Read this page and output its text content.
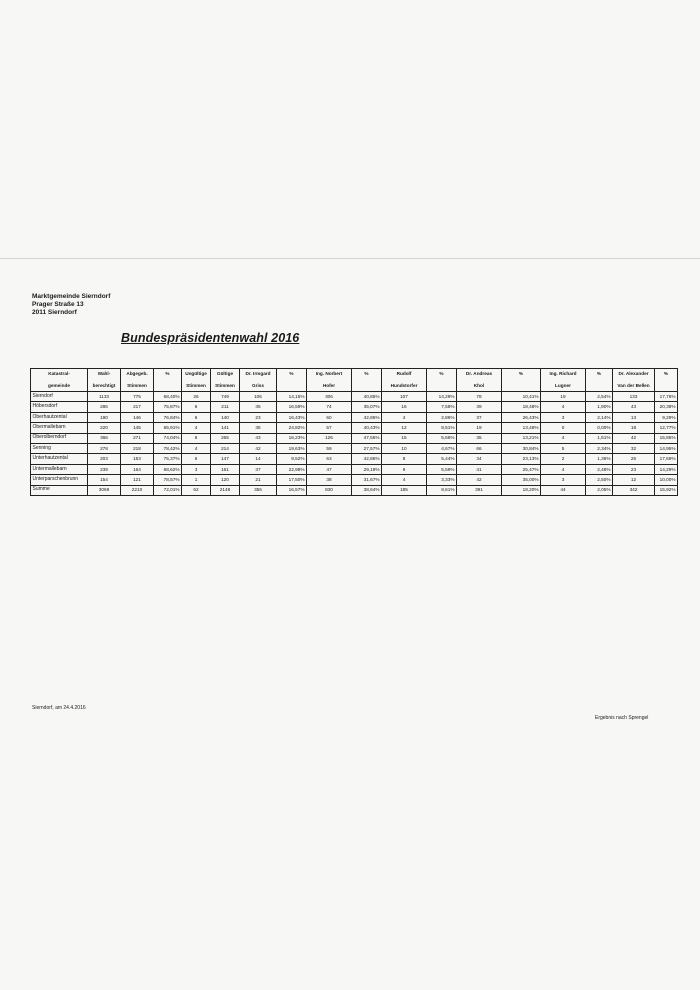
Marktgemeinde Sierndorf
Prager Straße 13
2011 Sierndorf
Bundespräsidentenwahl 2016
Katastral-	Wahl-	Abgegeb.	%	Ungültige	Gültige	Dr. Irmgard	%	Ing. Norbert	%	Rudolf	%	Dr. Andreas	%	Ing. Richard	%	Dr. Alexander	%
gemeinde	berechtigt	Stimmen		Stimmen	Stimmen	Griss		Hofer		Hundstorfer		Khol		Lugner		Van der Bellen	
Sierndorf	1133	775	68,40%	26	749	106	14,15%	306	40,85%	107	14,29%	78	10,41%	19	2,54%	133	17,76%
Höbersdorf	286	217	75,87%	6	211	35	16,59%	74	35,07%	16	7,58%	39	18,48%	4	1,90%	43	20,38%
Oberhautzental	190	146	76,84%	6	140	23	16,43%	60	42,86%	4	2,86%	37	26,43%	3	2,14%	13	9,29%
Obermallebarn	220	145	65,91%	4	141	35	24,82%	57	40,43%	12	8,51%	19	13,48%	0	0,00%	18	12,77%
Oberolberndorf	366	271	74,04%	6	265	43	16,23%	126	47,55%	15	5,66%	35	13,21%	4	1,51%	42	15,85%
Senning	278	218	78,42%	4	214	42	19,63%	59	27,57%	10	4,67%	66	30,84%	5	2,34%	32	14,95%
Unterhautzental	203	153	75,37%	6	147	14	9,52%	63	42,86%	8	5,44%	34	23,13%	2	1,36%	26	17,69%
Untermallebarn	239	164	68,62%	3	161	37	22,98%	47	29,19%	9	5,59%	41	25,47%	4	2,48%	23	14,29%
Unterparschenbrunn	154	121	78,57%	1	120	21	17,50%	38	31,67%	4	3,33%	42	35,00%	3	2,50%	12	10,00%
Summe	3069	2210	72,01%	62	2148	356	16,57%	830	38,64%	185	8,61%	391	18,20%	44	2,05%	342	15,92%
Sierndorf, am 24.4.2016
Ergebnis nach Sprengel
